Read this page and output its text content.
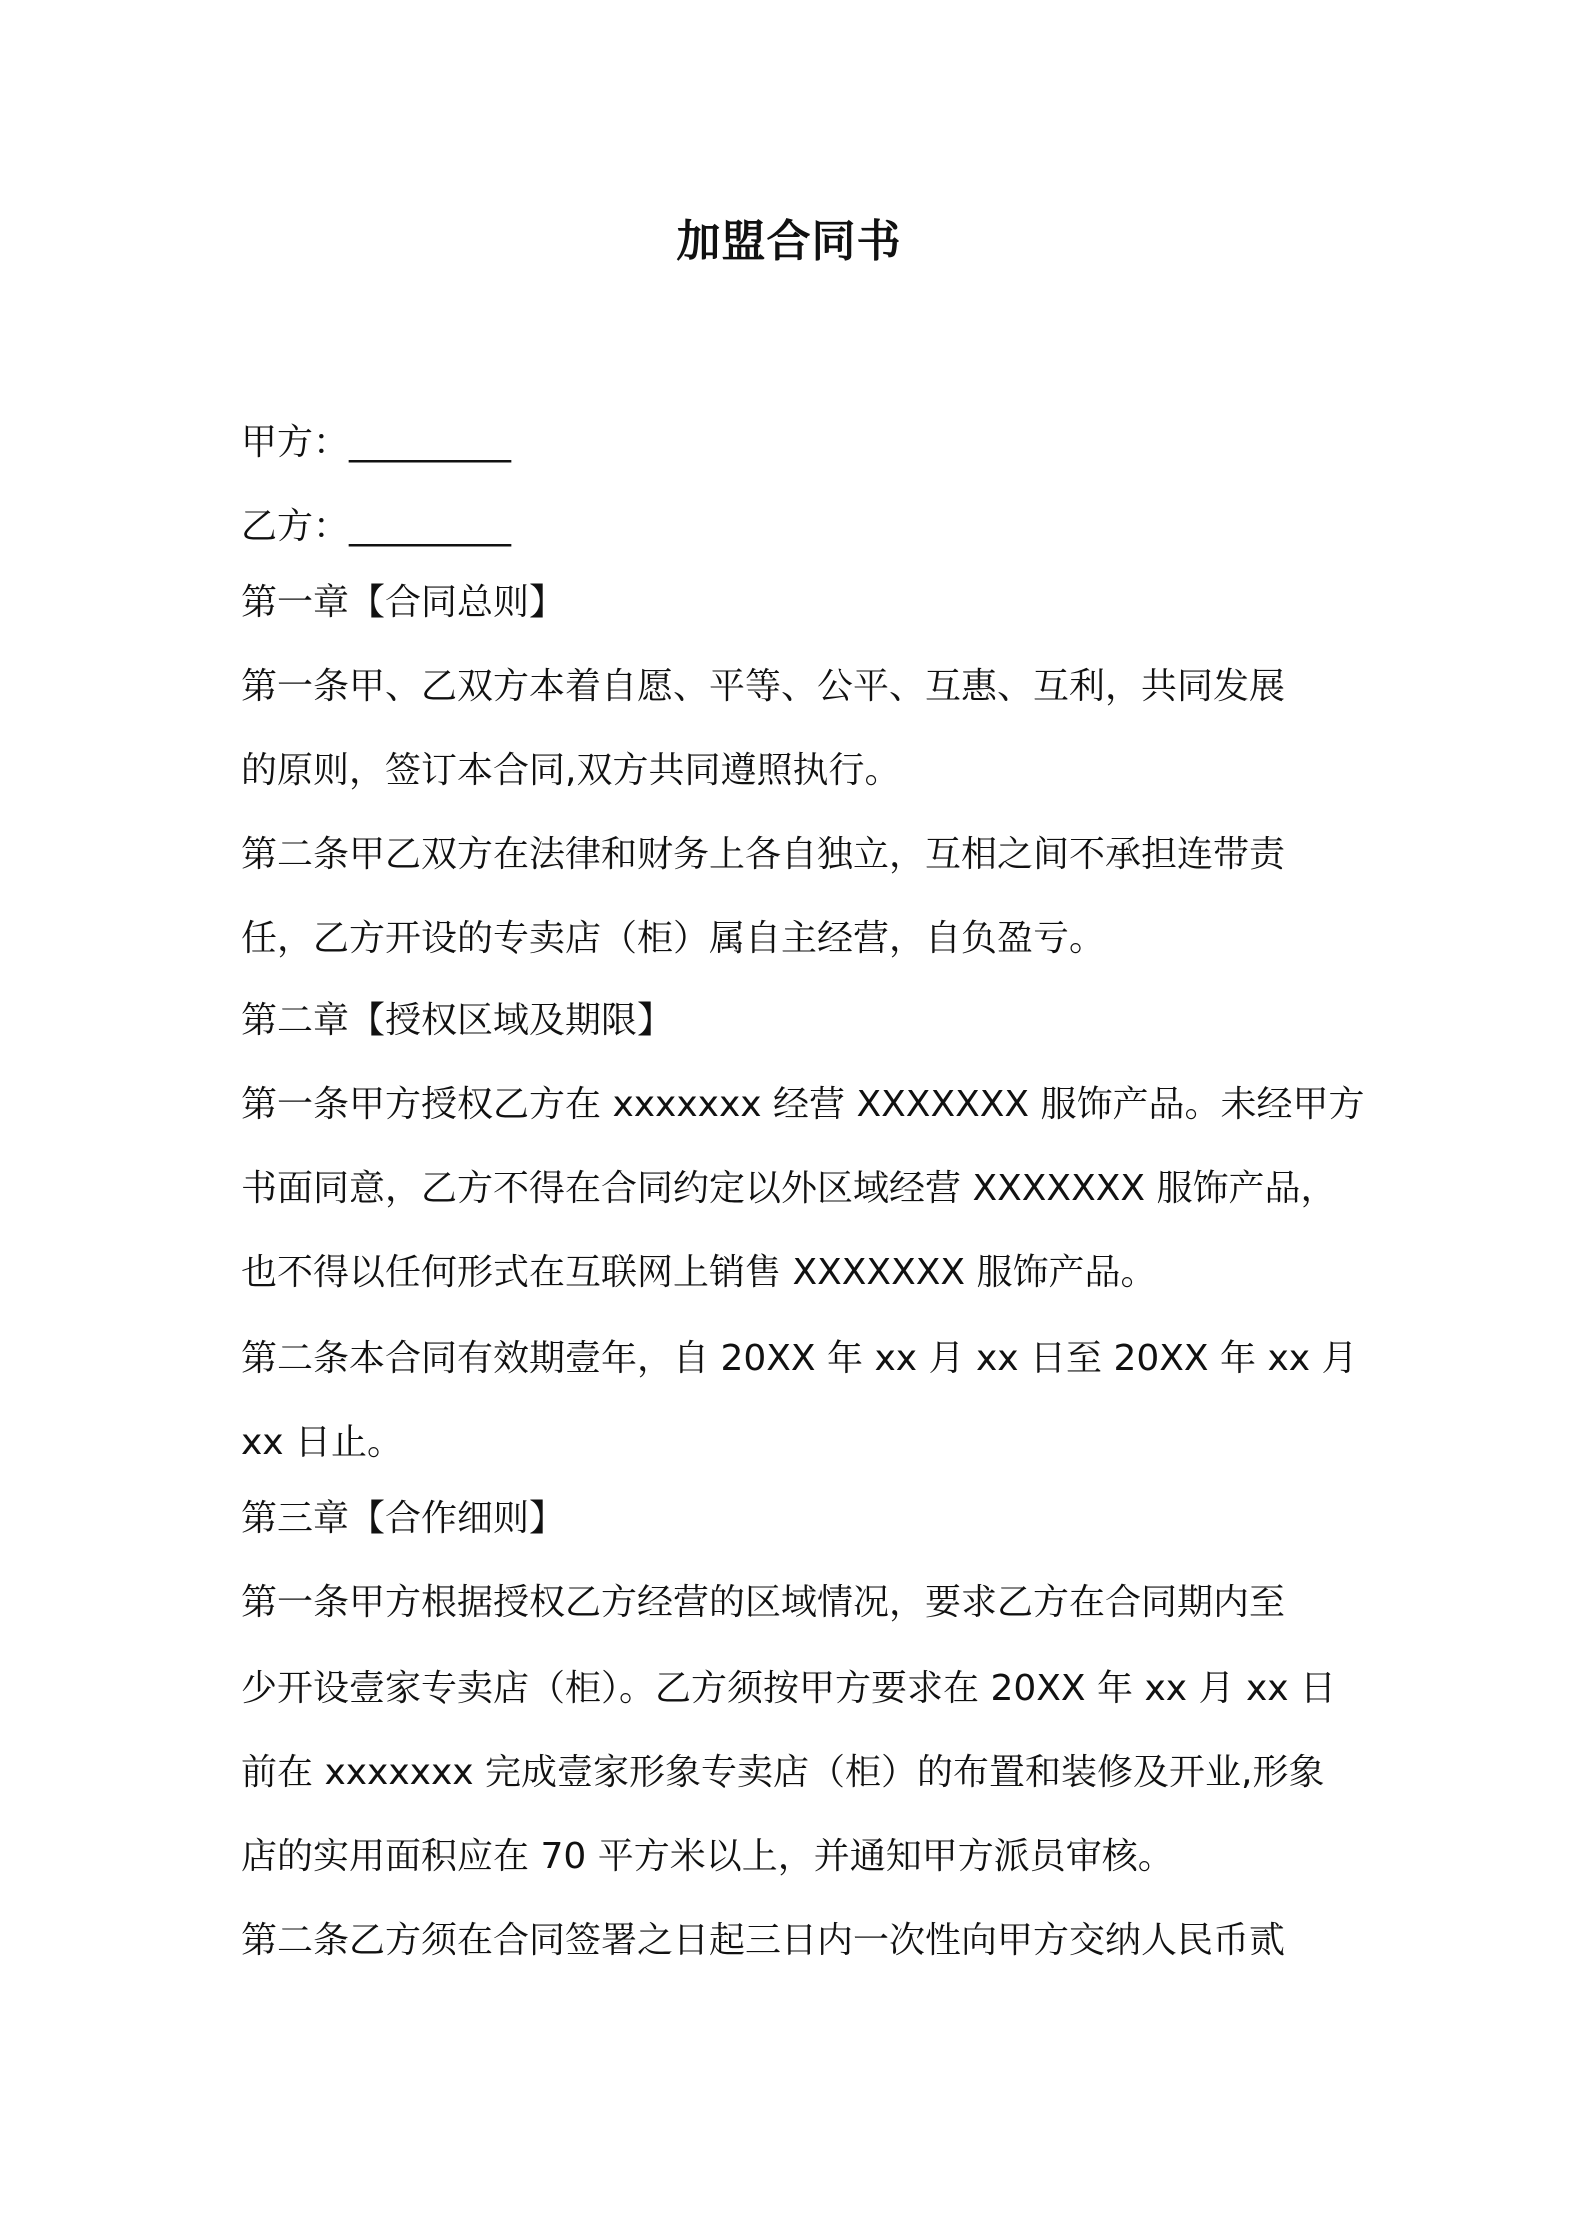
加盟合同书
甲方：_________
乙方：_________
第一章【合同总则】
第一条甲、乙双方本着自愿、平等、公平、互惠、互利，共同发展
的原则，签订本合同,双方共同遵照执行。
第二条甲乙双方在法律和财务上各自独立，互相之间不承担连带责
任，乙方开设的专卖店（柜）属自主经营，自负盈亏。
第二章【授权区域及期限】
第一条甲方授权乙方在 xxxxxxx 经营 XXXXXXX 服饰产品。未经甲方
书面同意，乙方不得在合同约定以外区域经营 XXXXXXX 服饰产品，
也不得以任何形式在互联网上销售 XXXXXXX 服饰产品。
第二条本合同有效期壹年，自 20XX 年 xx 月 xx 日至 20XX 年 xx 月
xx 日止。
第三章【合作细则】
第一条甲方根据授权乙方经营的区域情况，要求乙方在合同期内至
少开设壹家专卖店（柜）。乙方须按甲方要求在 20XX 年 xx 月 xx 日
前在 xxxxxxx 完成壹家形象专卖店（柜）的布置和装修及开业,形象
店的实用面积应在 70 平方米以上，并通知甲方派员审核。
第二条乙方须在合同签署之日起三日内一次性向甲方交纳人民币贰
